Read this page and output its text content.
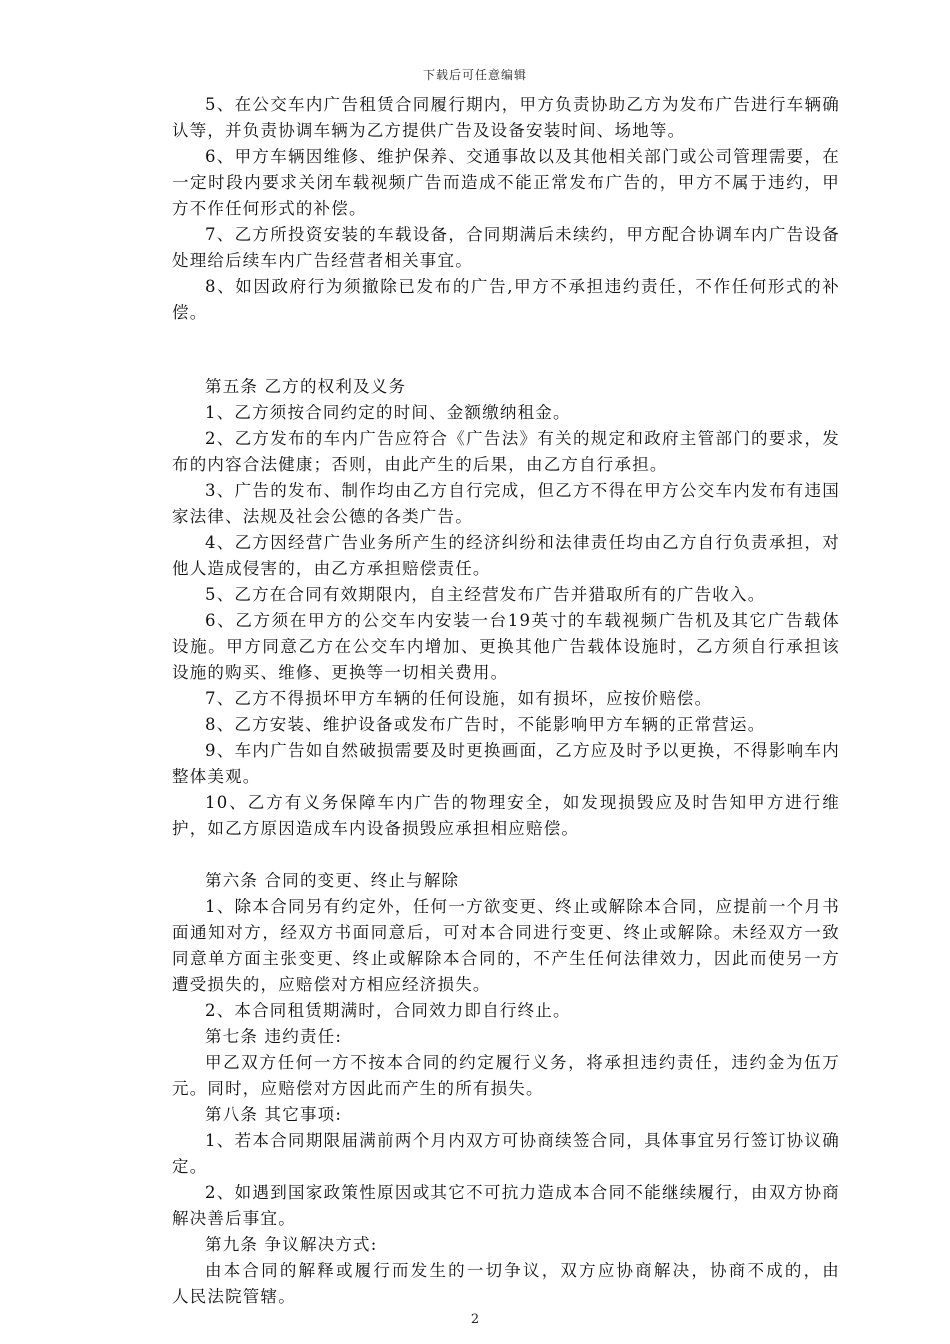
下载后可任意编辑

5、在公交车内广告租赁合同履行期内，甲方负责协助乙方为发布广告进行车辆确认等，并负责协调车辆为乙方提供广告及设备安装时间、场地等。

6、甲方车辆因维修、维护保养、交通事故以及其他相关部门或公司管理需要，在一定时段内要求关闭车载视频广告而造成不能正常发布广告的，甲方不属于违约，甲方不作任何形式的补偿。

7、乙方所投资安装的车载设备，合同期满后未续约，甲方配合协调车内广告设备处理给后续车内广告经营者相关事宜。

8、如因政府行为须撤除已发布的广告,甲方不承担违约责任，不作任何形式的补偿。

第五条 乙方的权利及义务

1、乙方须按合同约定的时间、金额缴纳租金。

2、乙方发布的车内广告应符合《广告法》有关的规定和政府主管部门的要求，发布的内容合法健康；否则，由此产生的后果，由乙方自行承担。

3、广告的发布、制作均由乙方自行完成，但乙方不得在甲方公交车内发布有违国家法律、法规及社会公德的各类广告。

4、乙方因经营广告业务所产生的经济纠纷和法律责任均由乙方自行负责承担，对他人造成侵害的，由乙方承担赔偿责任。

5、乙方在合同有效期限内，自主经营发布广告并猎取所有的广告收入。

6、乙方须在甲方的公交车内安装一台19英寸的车载视频广告机及其它广告载体设施。甲方同意乙方在公交车内增加、更换其他广告载体设施时，乙方须自行承担该设施的购买、维修、更换等一切相关费用。

7、乙方不得损坏甲方车辆的任何设施，如有损坏，应按价赔偿。

8、乙方安装、维护设备或发布广告时，不能影响甲方车辆的正常营运。

9、车内广告如自然破损需要及时更换画面，乙方应及时予以更换，不得影响车内整体美观。

10、乙方有义务保障车内广告的物理安全，如发现损毁应及时告知甲方进行维护，如乙方原因造成车内设备损毁应承担相应赔偿。

第六条 合同的变更、终止与解除

1、除本合同另有约定外，任何一方欲变更、终止或解除本合同，应提前一个月书面通知对方，经双方书面同意后，可对本合同进行变更、终止或解除。未经双方一致同意单方面主张变更、终止或解除本合同的，不产生任何法律效力，因此而使另一方遭受损失的，应赔偿对方相应经济损失。

2、本合同租赁期满时，合同效力即自行终止。

第七条 违约责任:

甲乙双方任何一方不按本合同的约定履行义务，将承担违约责任，违约金为伍万元。同时，应赔偿对方因此而产生的所有损失。

第八条 其它事项:

1、若本合同期限届满前两个月内双方可协商续签合同，具体事宜另行签订协议确定。

2、如遇到国家政策性原因或其它不可抗力造成本合同不能继续履行，由双方协商解决善后事宜。

第九条 争议解决方式:

由本合同的解释或履行而发生的一切争议，双方应协商解决，协商不成的，由        人民法院管辖。

2
